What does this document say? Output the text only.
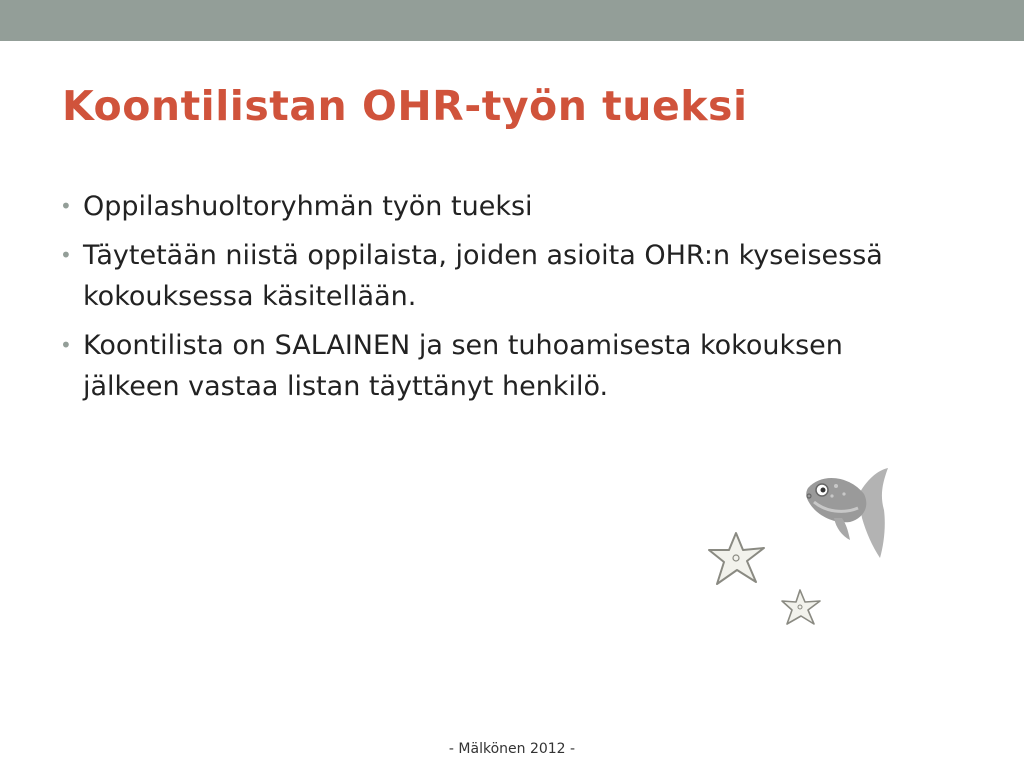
Koontilistan OHR-työn tueksi
• Oppilashuoltoryhmän työn tueksi
• Täytetään niistä oppilaista, joiden asioita OHR:n kyseisessä kokouksessa käsitellään.
• Koontilista on SALAINEN ja sen tuhoamisesta kokouksen jälkeen vastaa listan täyttänyt henkilö.
- Mälkönen 2012 -
